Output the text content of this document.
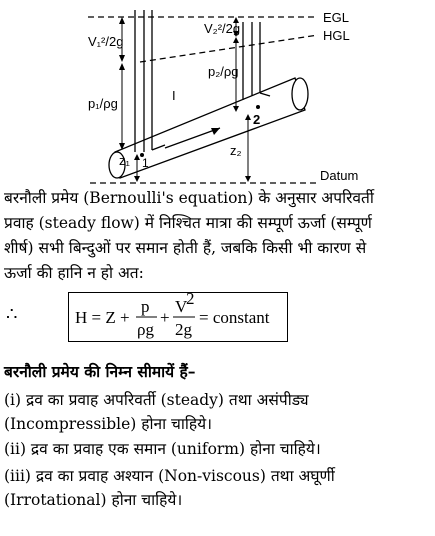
EGL
HGL
Datum
V₁²/2g
V₂²/2g
p₁/ρg
p₂/ρg
z₁
z₂
1
2
I
बरनौली प्रमेय (Bernoulli's equation) के अनुसार अपरिवर्ती
प्रवाह (steady flow) में निश्चित मात्रा की सम्पूर्ण ऊर्जा (सम्पूर्ण
शीर्ष) सभी बिन्दुओं पर समान होती हैं, जबकि किसी भी कारण से
ऊर्जा की हानि न हो अत:
∴	H = Z +
p
ρg
+
V
2
2g
= constant
बरनौली प्रमेय की निम्न सीमायें हैं–
(i) द्रव का प्रवाह अपरिवर्ती (steady) तथा असंपीड्य
(Incompressible) होना चाहिये।
(ii) द्रव का प्रवाह एक समान (uniform) होना चाहिये।
(iii) द्रव का प्रवाह अश्यान (Non-viscous) तथा अघूर्णी
(Irrotational) होना चाहिये।
